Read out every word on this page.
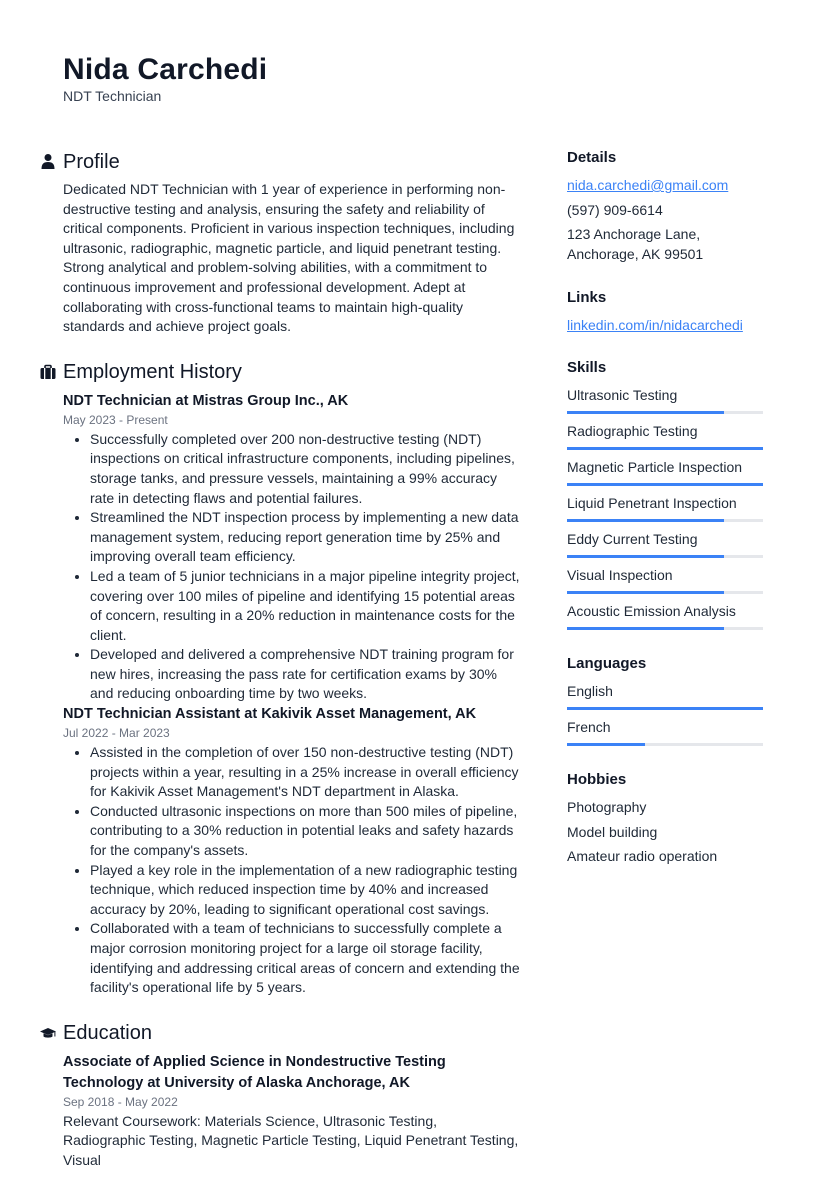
Nida Carchedi
NDT Technician
Profile
Dedicated NDT Technician with 1 year of experience in performing non-destructive testing and analysis, ensuring the safety and reliability of critical components. Proficient in various inspection techniques, including ultrasonic, radiographic, magnetic particle, and liquid penetrant testing. Strong analytical and problem-solving abilities, with a commitment to continuous improvement and professional development. Adept at collaborating with cross-functional teams to maintain high-quality standards and achieve project goals.
Employment History
NDT Technician at Mistras Group Inc., AK
May 2023 - Present
• Successfully completed over 200 non-destructive testing (NDT) inspections on critical infrastructure components, including pipelines, storage tanks, and pressure vessels, maintaining a 99% accuracy rate in detecting flaws and potential failures.
• Streamlined the NDT inspection process by implementing a new data management system, reducing report generation time by 25% and improving overall team efficiency.
• Led a team of 5 junior technicians in a major pipeline integrity project, covering over 100 miles of pipeline and identifying 15 potential areas of concern, resulting in a 20% reduction in maintenance costs for the client.
• Developed and delivered a comprehensive NDT training program for new hires, increasing the pass rate for certification exams by 30% and reducing onboarding time by two weeks.
NDT Technician Assistant at Kakivik Asset Management, AK
Jul 2022 - Mar 2023
• Assisted in the completion of over 150 non-destructive testing (NDT) projects within a year, resulting in a 25% increase in overall efficiency for Kakivik Asset Management's NDT department in Alaska.
• Conducted ultrasonic inspections on more than 500 miles of pipeline, contributing to a 30% reduction in potential leaks and safety hazards for the company's assets.
• Played a key role in the implementation of a new radiographic testing technique, which reduced inspection time by 40% and increased accuracy by 20%, leading to significant operational cost savings.
• Collaborated with a team of technicians to successfully complete a major corrosion monitoring project for a large oil storage facility, identifying and addressing critical areas of concern and extending the facility's operational life by 5 years.
Education
Associate of Applied Science in Nondestructive Testing Technology at University of Alaska Anchorage, AK
Sep 2018 - May 2022
Relevant Coursework: Materials Science, Ultrasonic Testing, Radiographic Testing, Magnetic Particle Testing, Liquid Penetrant Testing, Visual
Details
nida.carchedi@gmail.com
(597) 909-6614
123 Anchorage Lane, Anchorage, AK 99501
Links
linkedin.com/in/nidacarchedi
Skills
Ultrasonic Testing
Radiographic Testing
Magnetic Particle Inspection
Liquid Penetrant Inspection
Eddy Current Testing
Visual Inspection
Acoustic Emission Analysis
Languages
English
French
Hobbies
Photography
Model building
Amateur radio operation
